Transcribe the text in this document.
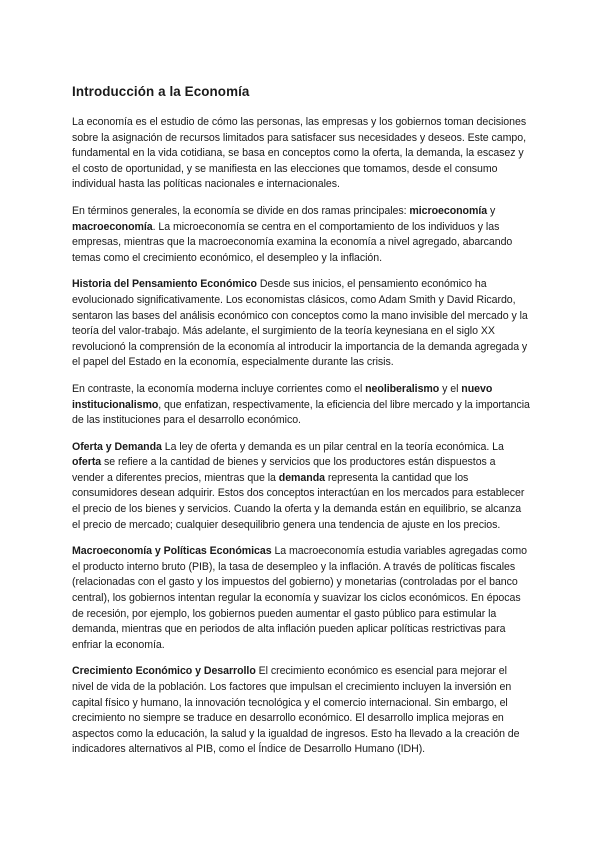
Introducción a la Economía

La economía es el estudio de cómo las personas, las empresas y los gobiernos toman decisiones sobre la asignación de recursos limitados para satisfacer sus necesidades y deseos. Este campo, fundamental en la vida cotidiana, se basa en conceptos como la oferta, la demanda, la escasez y el costo de oportunidad, y se manifiesta en las elecciones que tomamos, desde el consumo individual hasta las políticas nacionales e internacionales.

En términos generales, la economía se divide en dos ramas principales: microeconomía y macroeconomía. La microeconomía se centra en el comportamiento de los individuos y las empresas, mientras que la macroeconomía examina la economía a nivel agregado, abarcando temas como el crecimiento económico, el desempleo y la inflación.

Historia del Pensamiento Económico Desde sus inicios, el pensamiento económico ha evolucionado significativamente. Los economistas clásicos, como Adam Smith y David Ricardo, sentaron las bases del análisis económico con conceptos como la mano invisible del mercado y la teoría del valor-trabajo. Más adelante, el surgimiento de la teoría keynesiana en el siglo XX revolucionó la comprensión de la economía al introducir la importancia de la demanda agregada y el papel del Estado en la economía, especialmente durante las crisis.

En contraste, la economía moderna incluye corrientes como el neoliberalismo y el nuevo institucionalismo, que enfatizan, respectivamente, la eficiencia del libre mercado y la importancia de las instituciones para el desarrollo económico.

Oferta y Demanda La ley de oferta y demanda es un pilar central en la teoría económica. La oferta se refiere a la cantidad de bienes y servicios que los productores están dispuestos a vender a diferentes precios, mientras que la demanda representa la cantidad que los consumidores desean adquirir. Estos dos conceptos interactúan en los mercados para establecer el precio de los bienes y servicios. Cuando la oferta y la demanda están en equilibrio, se alcanza el precio de mercado; cualquier desequilibrio genera una tendencia de ajuste en los precios.

Macroeconomía y Políticas Económicas La macroeconomía estudia variables agregadas como el producto interno bruto (PIB), la tasa de desempleo y la inflación. A través de políticas fiscales (relacionadas con el gasto y los impuestos del gobierno) y monetarias (controladas por el banco central), los gobiernos intentan regular la economía y suavizar los ciclos económicos. En épocas de recesión, por ejemplo, los gobiernos pueden aumentar el gasto público para estimular la demanda, mientras que en periodos de alta inflación pueden aplicar políticas restrictivas para enfriar la economía.

Crecimiento Económico y Desarrollo El crecimiento económico es esencial para mejorar el nivel de vida de la población. Los factores que impulsan el crecimiento incluyen la inversión en capital físico y humano, la innovación tecnológica y el comercio internacional. Sin embargo, el crecimiento no siempre se traduce en desarrollo económico. El desarrollo implica mejoras en aspectos como la educación, la salud y la igualdad de ingresos. Esto ha llevado a la creación de indicadores alternativos al PIB, como el Índice de Desarrollo Humano (IDH).
